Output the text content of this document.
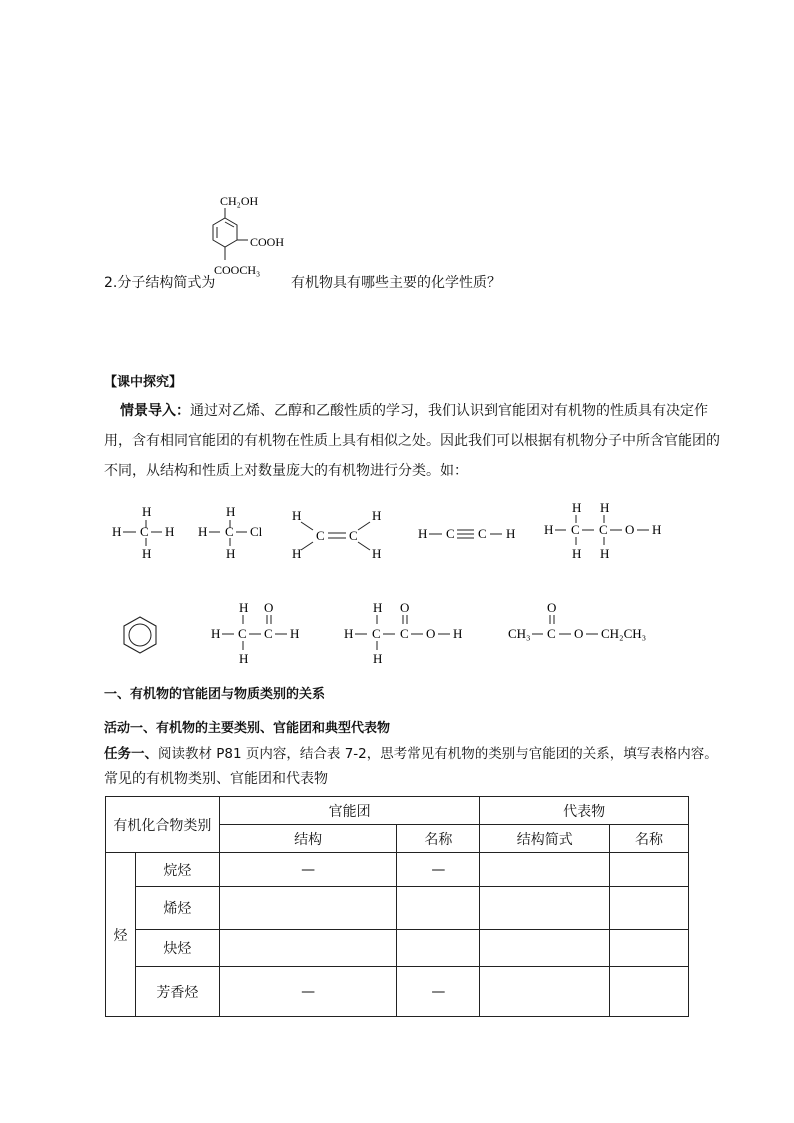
CH₂OH
COOH
COOCH₃
2.分子结构简式为	有机物具有哪些主要的化学性质？
【课中探究】
情景导入：通过对乙烯、乙醇和乙酸性质的学习，我们认识到官能团对有机物的性质具有决定作用，含有相同官能团的有机物在性质上具有相似之处。因此我们可以根据有机物分子中所含官能团的不同，从结构和性质上对数量庞大的有机物进行分类。如：
H
H C H
H
H
H C Cl
H
H
C C
H
H	H
H C C H
H H
H C C O H
H H
H O
H C C H
H
H O
H C C O H
H
O
CH₃ C O CH₂CH₃
一、有机物的官能团与物质类别的关系
活动一、有机物的主要类别、官能团和典型代表物
任务一、阅读教材 P81 页内容，结合表 7-2，思考常见有机物的类别与官能团的关系，填写表格内容。
常见的有机物类别、官能团和代表物
有机化合物类别		官能团		代表物	
		结构	名称	结构简式	名称
烃	烷烃	—	—		
	烯烃				
	炔烃				
	芳香烃	—	—		
